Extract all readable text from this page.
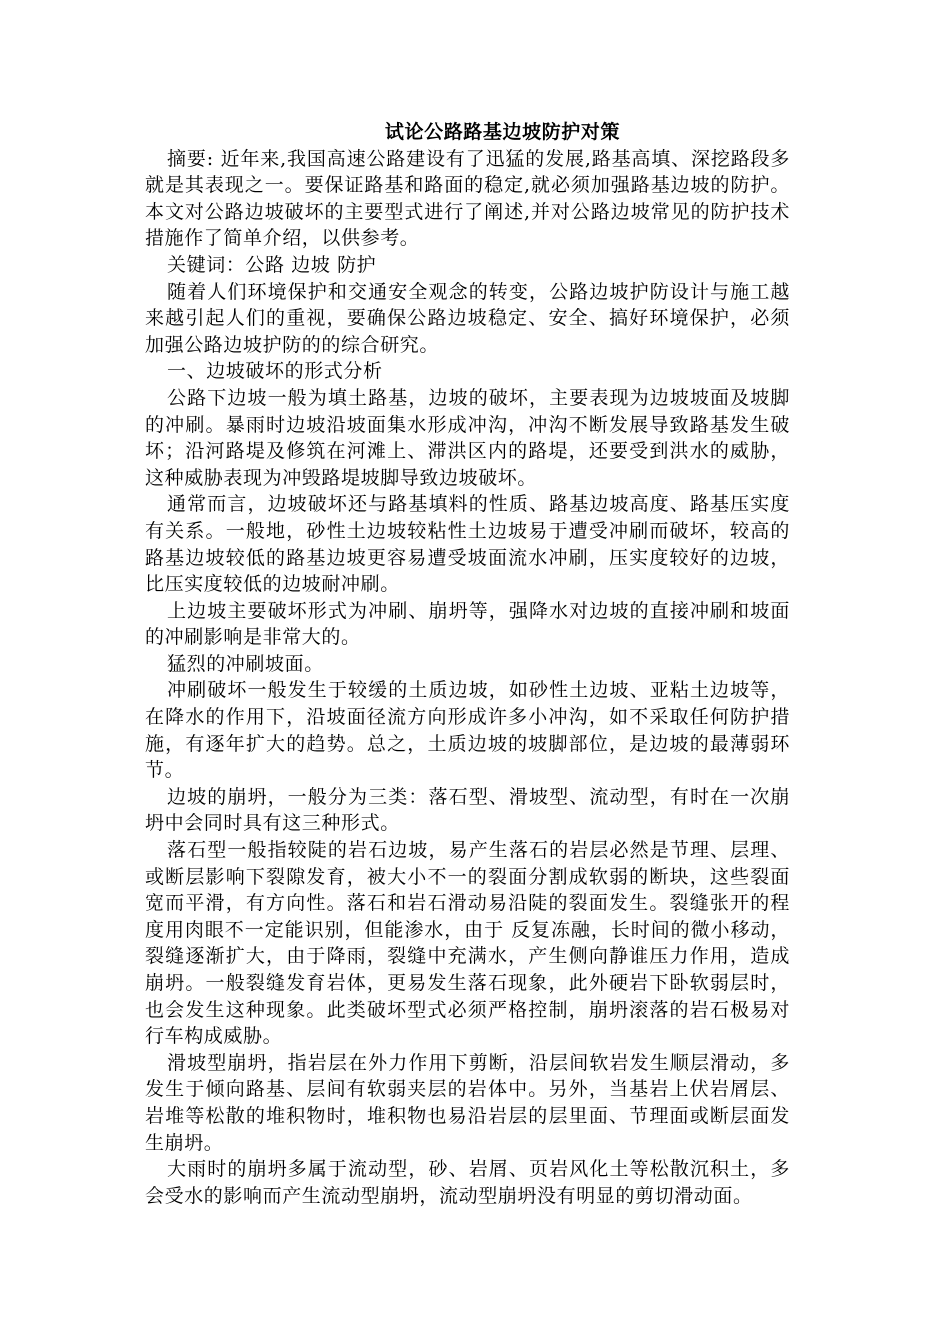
试论公路路基边坡防护对策

摘要: 近年来,我国高速公路建设有了迅猛的发展,路基高填、深挖路段多就是其表现之一。要保证路基和路面的稳定,就必须加强路基边坡的防护。本文对公路边坡破坏的主要型式进行了阐述,并对公路边坡常见的防护技术措施作了简单介绍，以供参考。

关键词：公路 边坡 防护

随着人们环境保护和交通安全观念的转变，公路边坡护防设计与施工越来越引起人们的重视，要确保公路边坡稳定、安全、搞好环境保护，必须加强公路边坡护防的的综合研究。

一、边坡破坏的形式分析

公路下边坡一般为填土路基，边坡的破坏，主要表现为边坡坡面及坡脚的冲刷。暴雨时边坡沿坡面集水形成冲沟，冲沟不断发展导致路基发生破坏；沿河路堤及修筑在河滩上、滞洪区内的路堤，还要受到洪水的威胁，这种威胁表现为冲毁路堤坡脚导致边坡破坏。

通常而言，边坡破坏还与路基填料的性质、路基边坡高度、路基压实度有关系。一般地，砂性土边坡较粘性土边坡易于遭受冲刷而破坏，较高的路基边坡较低的路基边坡更容易遭受坡面流水冲刷，压实度较好的边坡，比压实度较低的边坡耐冲刷。

上边坡主要破坏形式为冲刷、崩坍等，强降水对边坡的直接冲刷和坡面的冲刷影响是非常大的。

猛烈的冲刷坡面。

冲刷破坏一般发生于较缓的土质边坡，如砂性土边坡、亚粘土边坡等，在降水的作用下，沿坡面径流方向形成许多小冲沟，如不采取任何防护措施，有逐年扩大的趋势。总之，土质边坡的坡脚部位，是边坡的最薄弱环节。

边坡的崩坍，一般分为三类：落石型、滑坡型、流动型，有时在一次崩坍中会同时具有这三种形式。

落石型一般指较陡的岩石边坡，易产生落石的岩层必然是节理、层理、或断层影响下裂隙发育，被大小不一的裂面分割成软弱的断块，这些裂面宽而平滑，有方向性。落石和岩石滑动易沿陡的裂面发生。裂缝张开的程度用肉眼不一定能识别，但能渗水，由于 反复冻融，长时间的微小移动，裂缝逐渐扩大，由于降雨，裂缝中充满水，产生侧向静谁压力作用，造成崩坍。一般裂缝发育岩体，更易发生落石现象，此外硬岩下卧软弱层时，也会发生这种现象。此类破坏型式必须严格控制，崩坍滚落的岩石极易对行车构成威胁。

滑坡型崩坍，指岩层在外力作用下剪断，沿层间软岩发生顺层滑动，多发生于倾向路基、层间有软弱夹层的岩体中。另外，当基岩上伏岩屑层、岩堆等松散的堆积物时，堆积物也易沿岩层的层里面、节理面或断层面发生崩坍。

大雨时的崩坍多属于流动型，砂、岩屑、页岩风化土等松散沉积土，多会受水的影响而产生流动型崩坍，流动型崩坍没有明显的剪切滑动面。
